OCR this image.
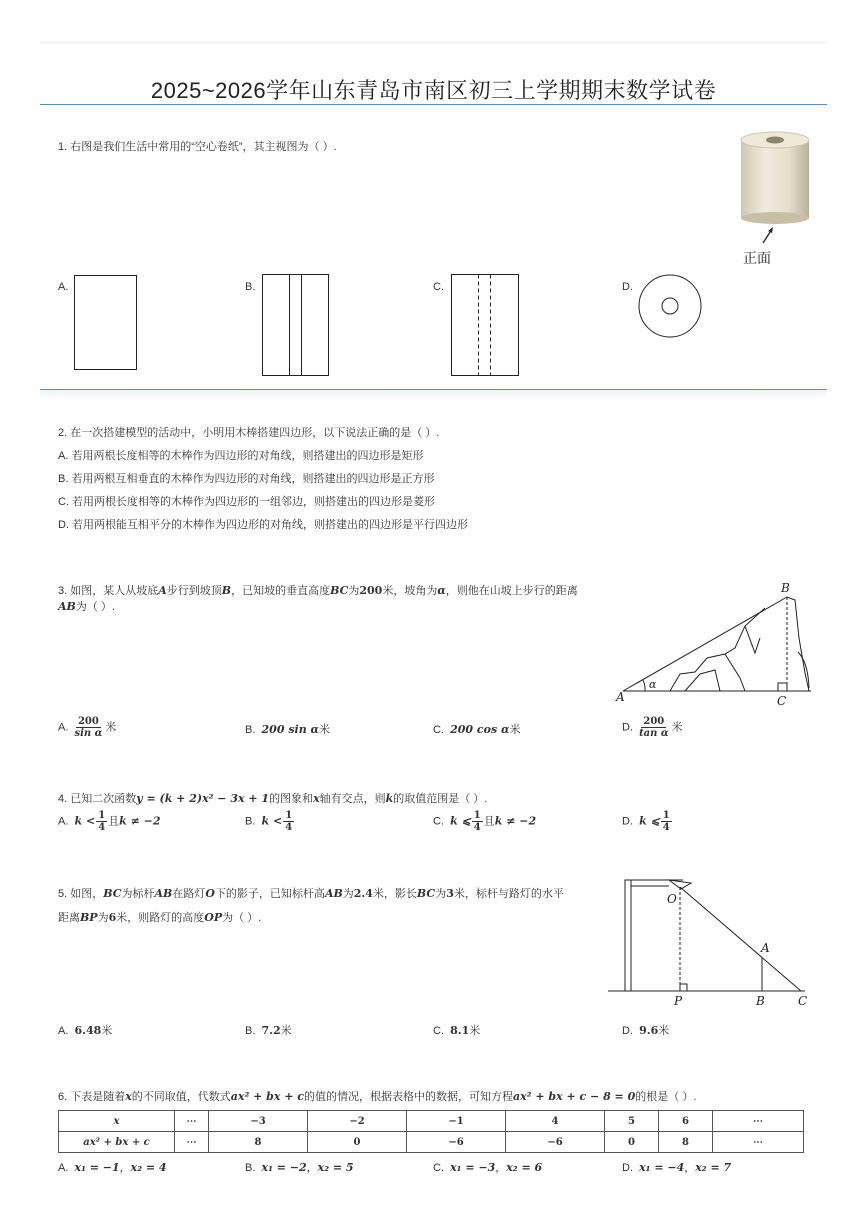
2025~2026学年山东青岛市南区初三上学期期末数学试卷
1. 右图是我们生活中常用的“空心卷纸”，其主视图为（ ）.
正面
A.	B.	C.	D.
2. 在一次搭建模型的活动中，小明用木棒搭建四边形，以下说法正确的是（ ）.
A. 若用两根长度相等的木棒作为四边形的对角线，则搭建出的四边形是矩形
B. 若用两根互相垂直的木棒作为四边形的对角线，则搭建出的四边形是正方形
C. 若用两根长度相等的木棒作为四边形的一组邻边，则搭建出的四边形是菱形
D. 若用两根能互相平分的木棒作为四边形的对角线，则搭建出的四边形是平行四边形
3. 如图，某人从坡底A步行到坡顶B，已知坡的垂直高度BC为200米，坡角为α，则他在山坡上步行的距离
AB为（ ）.
B
A	C
α
A. $\frac{200}{\text{sin α}}$ 米	B. 200 sin α米	C. 200 cos α米	D. $\frac{200}{\text{tan α}}$ 米
4. 已知二次函数y = (k + 2)x² − 3x + 1的图象和x轴有交点，则k的取值范围是（ ）.
A. $k < \frac{1}{4}$ 且k ≠ −2	B. $k < \frac{1}{4}$	C. k ⩽ $\frac{1}{4}$ 且k ≠ −2	D. k ⩽ $\frac{1}{4}$
5. 如图，BC为标杆AB在路灯O下的影子，已知标杆高AB为2.4米，影长BC为3米，标杆与路灯的水平
距离BP为6米，则路灯的高度OP为（ ）.
O
A
P	B	C
A. 6.48米	B. 7.2米	C. 8.1米	D. 9.6米
6. 下表是随着x的不同取值，代数式ax² + bx + c的值的情况，根据表格中的数据，可知方程ax² + bx + c − 8 = 0的根是（ ）.
x	⋯	−3	−2	−1	4	5	6	⋯
ax² + bx + c	⋯	8	0	−6	−6	0	8	⋯
A. x₁ = −1，x₂ = 4	B. x₁ = −2，x₂ = 5	C. x₁ = −3，x₂ = 6	D. x₁ = −4，x₂ = 7
